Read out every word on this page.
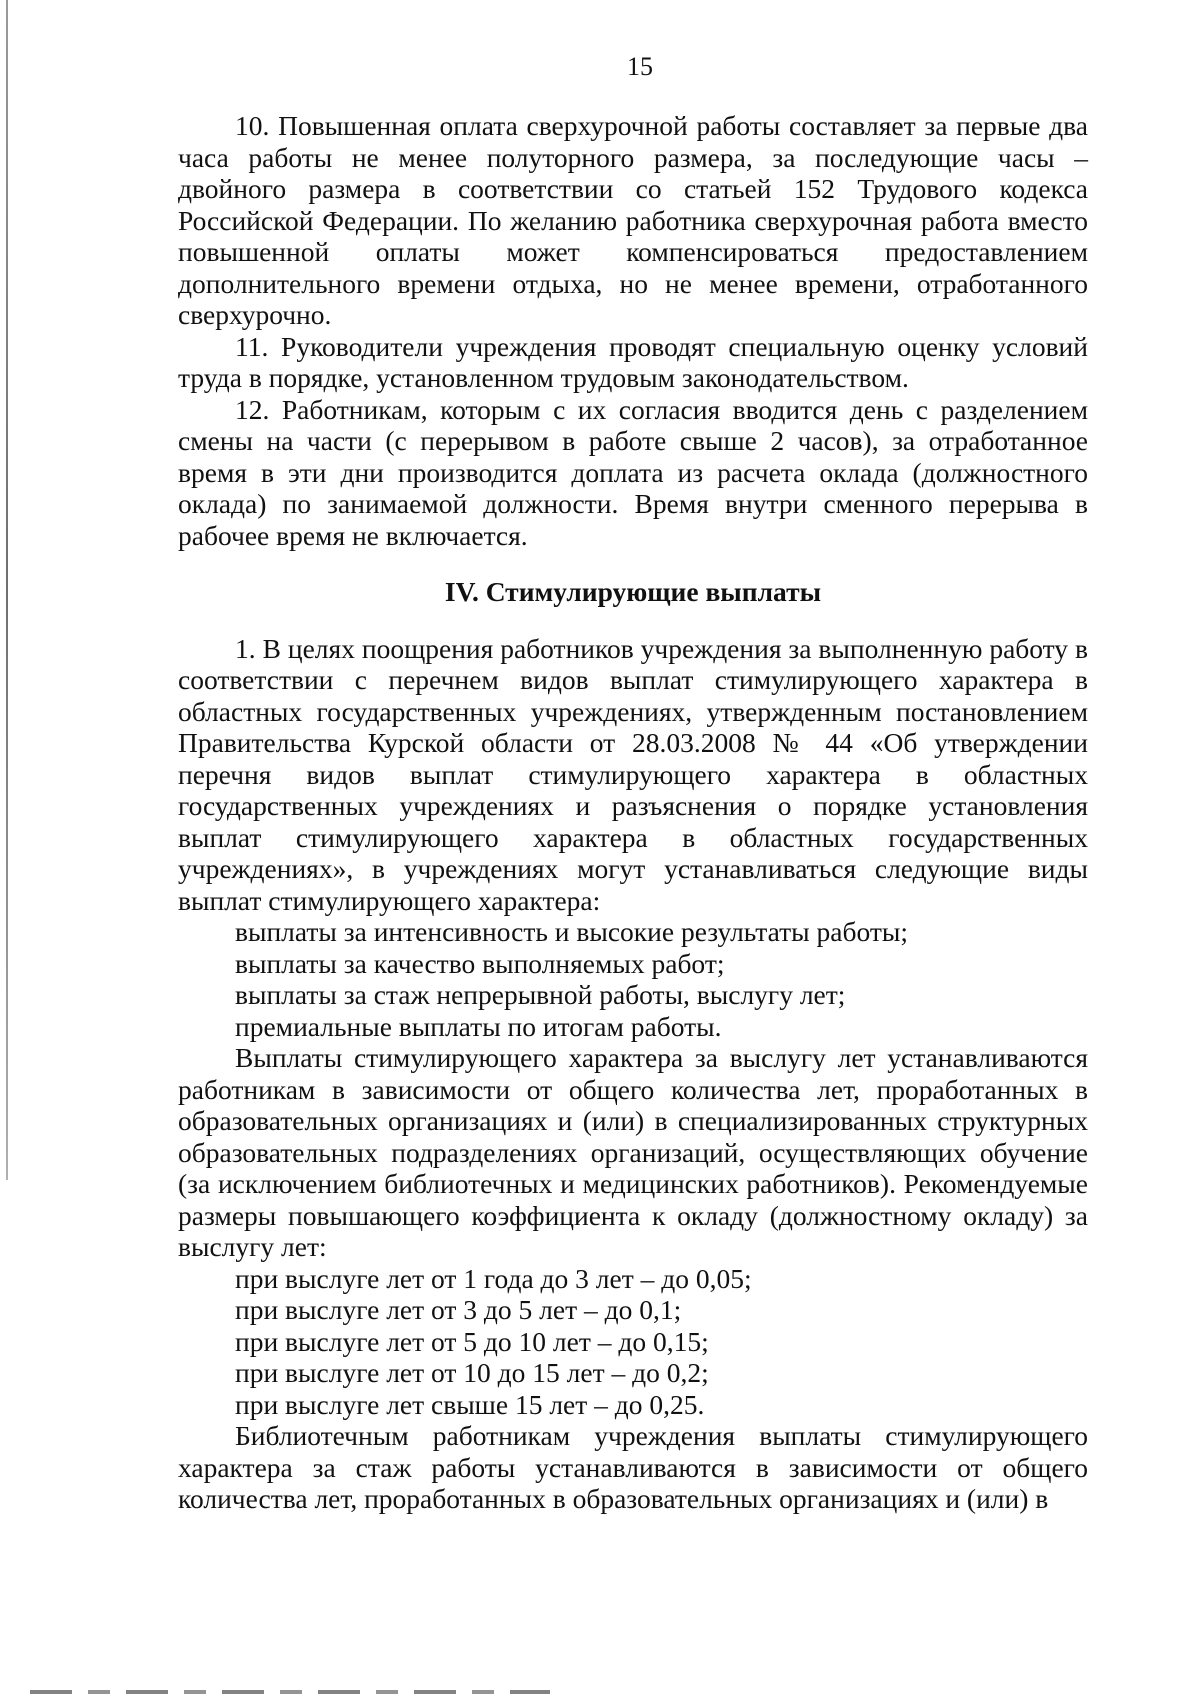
15

10. Повышенная оплата сверхурочной работы составляет за первые два часа работы не менее полуторного размера, за последующие часы – двойного размера в соответствии со статьей 152 Трудового кодекса Российской Федерации. По желанию работника сверхурочная работа вместо повышенной оплаты может компенсироваться предоставлением дополнительного времени отдыха, но не менее времени, отработанного сверхурочно.

11. Руководители учреждения проводят специальную оценку условий труда в порядке, установленном трудовым законодательством.

12. Работникам, которым с их согласия вводится день с разделением смены на части (с перерывом в работе свыше 2 часов), за отработанное время в эти дни производится доплата из расчета оклада (должностного оклада) по занимаемой должности. Время внутри сменного перерыва в рабочее время не включается.

IV. Стимулирующие выплаты

1. В целях поощрения работников учреждения за выполненную работу в соответствии с перечнем видов выплат стимулирующего характера в областных государственных учреждениях, утвержденным постановлением Правительства Курской области от 28.03.2008 № 44 «Об утверждении перечня видов выплат стимулирующего характера в областных государственных учреждениях и разъяснения о порядке установления выплат стимулирующего характера в областных государственных учреждениях», в учреждениях могут устанавливаться следующие виды выплат стимулирующего характера:

выплаты за интенсивность и высокие результаты работы;

выплаты за качество выполняемых работ;

выплаты за стаж непрерывной работы, выслугу лет;

премиальные выплаты по итогам работы.

Выплаты стимулирующего характера за выслугу лет устанавливаются работникам в зависимости от общего количества лет, проработанных в образовательных организациях и (или) в специализированных структурных образовательных подразделениях организаций, осуществляющих обучение (за исключением библиотечных и медицинских работников). Рекомендуемые размеры повышающего коэффициента к окладу (должностному окладу) за выслугу лет:

при выслуге лет от 1 года до 3 лет – до 0,05;

при выслуге лет от 3 до 5 лет – до 0,1;

при выслуге лет от 5 до 10 лет – до 0,15;

при выслуге лет от 10 до 15 лет – до 0,2;

при выслуге лет свыше 15 лет – до 0,25.

Библиотечным работникам учреждения выплаты стимулирующего характера за стаж работы устанавливаются в зависимости от общего количества лет, проработанных в образовательных организациях и (или) в
